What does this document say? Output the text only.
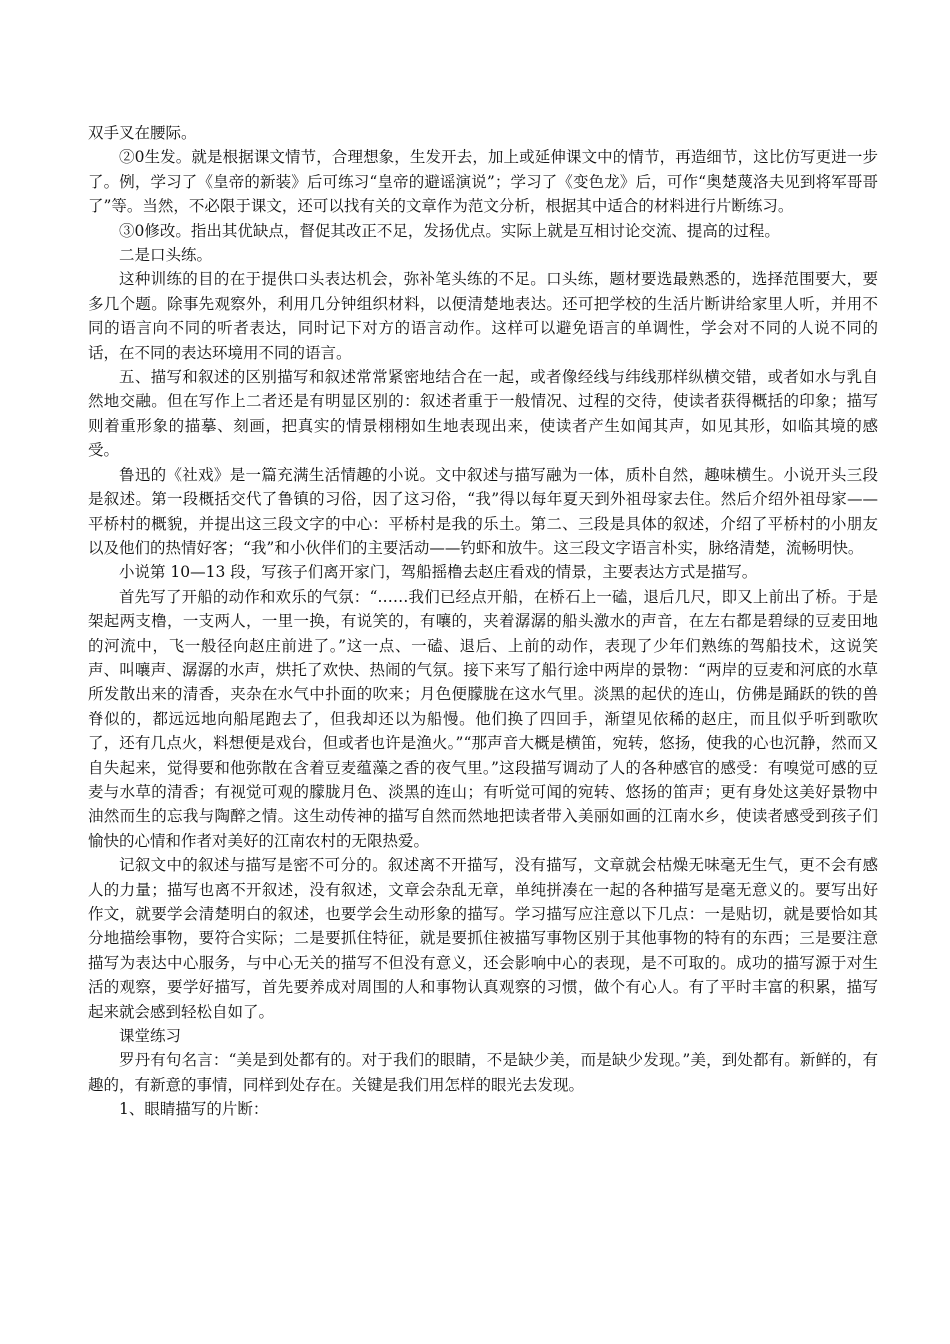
双手叉在腰际。

②0生发。就是根据课文情节，合理想象，生发开去，加上或延伸课文中的情节，再造细节，这比仿写更进一步了。例，学习了《皇帝的新装》后可练习“皇帝的避谣演说”；学习了《变色龙》后，可作“奥楚蔑洛夫见到将军哥哥了”等。当然，不必限于课文，还可以找有关的文章作为范文分析，根据其中适合的材料进行片断练习。

③0修改。指出其优缺点，督促其改正不足，发扬优点。实际上就是互相讨论交流、提高的过程。

二是口头练。

这种训练的目的在于提供口头表达机会，弥补笔头练的不足。口头练，题材要选最熟悉的，选择范围要大，要多几个题。除事先观察外，利用几分钟组织材料，以便清楚地表达。还可把学校的生活片断讲给家里人听，并用不同的语言向不同的听者表达，同时记下对方的语言动作。这样可以避免语言的单调性，学会对不同的人说不同的话，在不同的表达环境用不同的语言。

五、描写和叙述的区别描写和叙述常常紧密地结合在一起，或者像经线与纬线那样纵横交错，或者如水与乳自然地交融。但在写作上二者还是有明显区别的：叙述者重于一般情况、过程的交待，使读者获得概括的印象；描写则着重形象的描摹、刻画，把真实的情景栩栩如生地表现出来，使读者产生如闻其声，如见其形，如临其境的感受。

鲁迅的《社戏》是一篇充满生活情趣的小说。文中叙述与描写融为一体，质朴自然，趣味横生。小说开头三段是叙述。第一段概括交代了鲁镇的习俗，因了这习俗，“我”得以每年夏天到外祖母家去住。然后介绍外祖母家——平桥村的概貌，并提出这三段文字的中心：平桥村是我的乐土。第二、三段是具体的叙述，介绍了平桥村的小朋友以及他们的热情好客；“我”和小伙伴们的主要活动——钓虾和放牛。这三段文字语言朴实，脉络清楚，流畅明快。

小说第 10—13 段，写孩子们离开家门，驾船摇橹去赵庄看戏的情景，主要表达方式是描写。

首先写了开船的动作和欢乐的气氛：“……我们已经点开船，在桥石上一磕，退后几尺，即又上前出了桥。于是架起两支橹，一支两人，一里一换，有说笑的，有嚷的，夹着潺潺的船头激水的声音，在左右都是碧绿的豆麦田地的河流中，飞一般径向赵庄前进了。”这一点、一磕、退后、上前的动作，表现了少年们熟练的驾船技术，这说笑声、叫嚷声、潺潺的水声，烘托了欢快、热闹的气氛。接下来写了船行途中两岸的景物：“两岸的豆麦和河底的水草所发散出来的清香，夹杂在水气中扑面的吹来；月色便朦胧在这水气里。淡黑的起伏的连山，仿佛是踊跃的铁的兽脊似的，都远远地向船尾跑去了，但我却还以为船慢。他们换了四回手，渐望见依稀的赵庄，而且似乎听到歌吹了，还有几点火，料想便是戏台，但或者也许是渔火。”“那声音大概是横笛，宛转，悠扬，使我的心也沉静，然而又自失起来，觉得要和他弥散在含着豆麦蕴藻之香的夜气里。”这段描写调动了人的各种感官的感受：有嗅觉可感的豆麦与水草的清香；有视觉可观的朦胧月色、淡黑的连山；有听觉可闻的宛转、悠扬的笛声；更有身处这美好景物中油然而生的忘我与陶醉之情。这生动传神的描写自然而然地把读者带入美丽如画的江南水乡，使读者感受到孩子们愉快的心情和作者对美好的江南农村的无限热爱。

记叙文中的叙述与描写是密不可分的。叙述离不开描写，没有描写，文章就会枯燥无味毫无生气，更不会有感人的力量；描写也离不开叙述，没有叙述，文章会杂乱无章，单纯拼凑在一起的各种描写是毫无意义的。要写出好作文，就要学会清楚明白的叙述，也要学会生动形象的描写。学习描写应注意以下几点：一是贴切，就是要恰如其分地描绘事物，要符合实际；二是要抓住特征，就是要抓住被描写事物区别于其他事物的特有的东西；三是要注意描写为表达中心服务，与中心无关的描写不但没有意义，还会影响中心的表现，是不可取的。成功的描写源于对生活的观察，要学好描写，首先要养成对周围的人和事物认真观察的习惯，做个有心人。有了平时丰富的积累，描写起来就会感到轻松自如了。

课堂练习

罗丹有句名言：“美是到处都有的。对于我们的眼睛，不是缺少美，而是缺少发现。”美，到处都有。新鲜的，有趣的，有新意的事情，同样到处存在。关键是我们用怎样的眼光去发现。

1、眼睛描写的片断：
